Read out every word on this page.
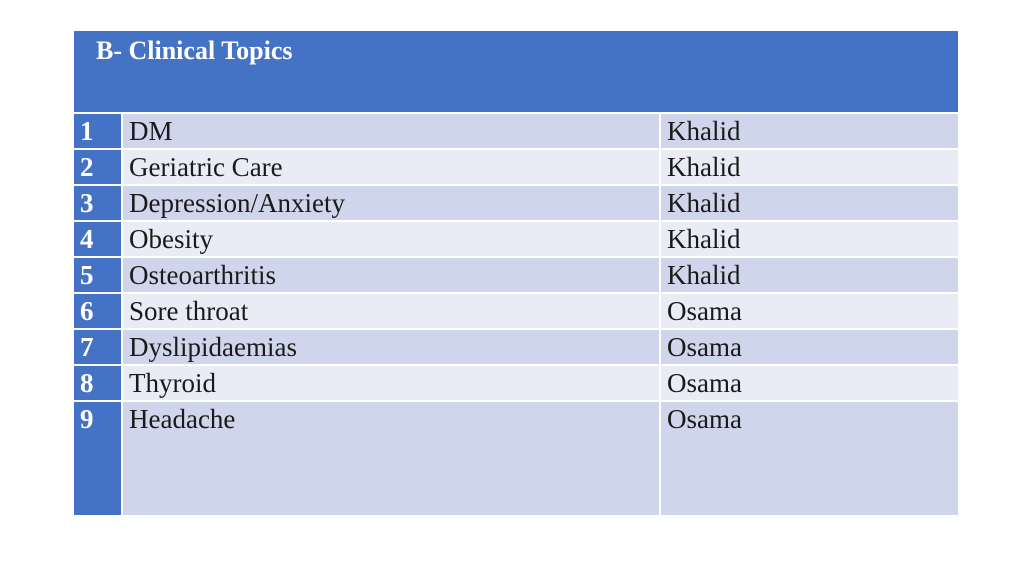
B- Clinical Topics
1	DM	Khalid
2	Geriatric Care	Khalid
3	Depression/Anxiety	Khalid
4	Obesity	Khalid
5	Osteoarthritis	Khalid
6	Sore throat	Osama
7	Dyslipidaemias	Osama
8	Thyroid	Osama
9	Headache	Osama
